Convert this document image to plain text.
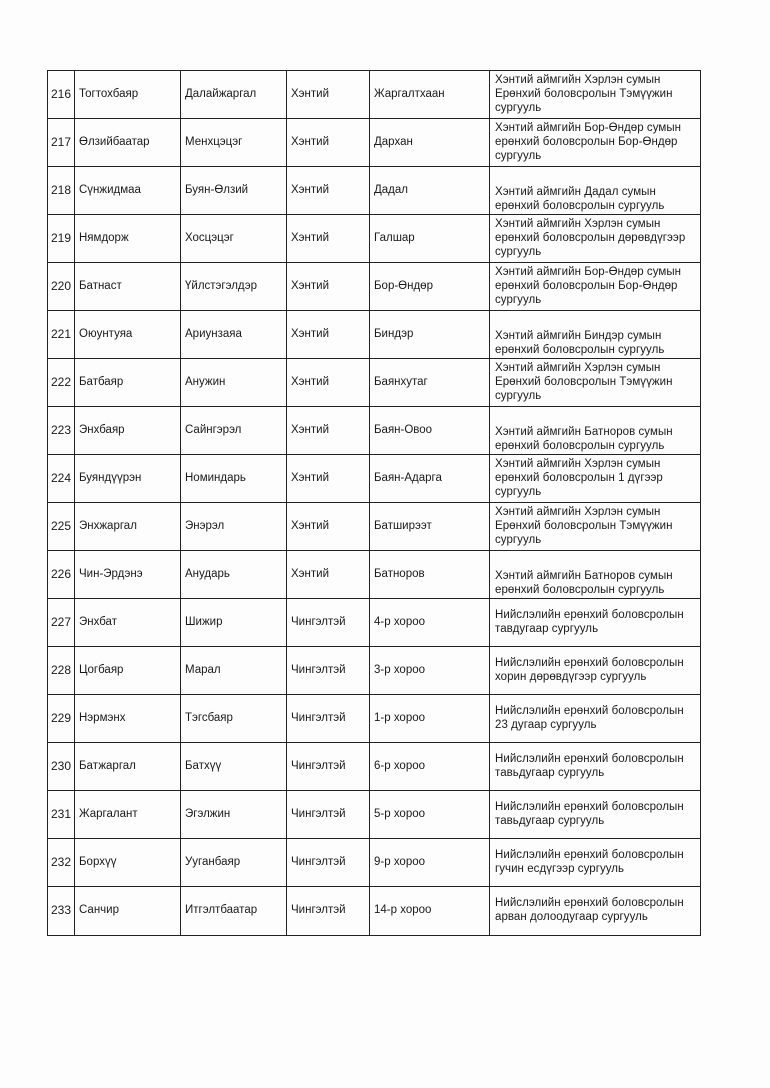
216	Тогтохбаяр	Далайжаргал	Хэнтий	Жаргалтхаан	Хэнтий аймгийн Хэрлэн сумын Ерөнхий боловсролын Тэмүүжин сургууль
217	Өлзийбаатар	Менхцэцэг	Хэнтий	Дархан	Хэнтий аймгийн Бор-Өндөр сумын ерөнхий боловсролын Бор-Өндөр сургууль
218	Сүнжидмаа	Буян-Өлзий	Хэнтий	Дадал	Хэнтий аймгийн Дадал сумын ерөнхий боловсролын сургууль
219	Нямдорж	Хосцэцэг	Хэнтий	Галшар	Хэнтий аймгийн Хэрлэн сумын ерөнхий боловсролын дөрөвдүгээр сургууль
220	Батнаст	Үйлстэгэлдэр	Хэнтий	Бор-Өндөр	Хэнтий аймгийн Бор-Өндөр сумын ерөнхий боловсролын Бор-Өндөр сургууль
221	Оюунтуяа	Ариунзаяа	Хэнтий	Биндэр	Хэнтий аймгийн Биндэр сумын ерөнхий боловсролын сургууль
222	Батбаяр	Анужин	Хэнтий	Баянхутаг	Хэнтий аймгийн Хэрлэн сумын Ерөнхий боловсролын Тэмүүжин сургууль
223	Энхбаяр	Сайнгэрэл	Хэнтий	Баян-Овоо	Хэнтий аймгийн Батноров сумын ерөнхий боловсролын сургууль
224	Буяндүүрэн	Номиндарь	Хэнтий	Баян-Адарга	Хэнтий аймгийн Хэрлэн сумын ерөнхий боловсролын 1 дүгээр сургууль
225	Энхжаргал	Энэрэл	Хэнтий	Батширээт	Хэнтий аймгийн Хэрлэн сумын Ерөнхий боловсролын Тэмүүжин сургууль
226	Чин-Эрдэнэ	Анударь	Хэнтий	Батноров	Хэнтий аймгийн Батноров сумын ерөнхий боловсролын сургууль
227	Энхбат	Шижир	Чингэлтэй	4-р хороо	Нийслэлийн ерөнхий боловсролын тавдугаар сургууль
228	Цогбаяр	Марал	Чингэлтэй	3-р хороо	Нийслэлийн ерөнхий боловсролын хорин дөрөвдүгээр сургууль
229	Нэрмэнх	Тэгсбаяр	Чингэлтэй	1-р хороо	Нийслэлийн ерөнхий боловсролын 23 дугаар сургууль
230	Батжаргал	Батхүү	Чингэлтэй	6-р хороо	Нийслэлийн ерөнхий боловсролын тавьдугаар сургууль
231	Жаргалант	Эгэлжин	Чингэлтэй	5-р хороо	Нийслэлийн ерөнхий боловсролын тавьдугаар сургууль
232	Борхүү	Ууганбаяр	Чингэлтэй	9-р хороо	Нийслэлийн ерөнхий боловсролын гучин есдүгээр сургууль
233	Санчир	Итгэлтбаатар	Чингэлтэй	14-р хороо	Нийслэлийн ерөнхий боловсролын арван долоодугаар сургууль
